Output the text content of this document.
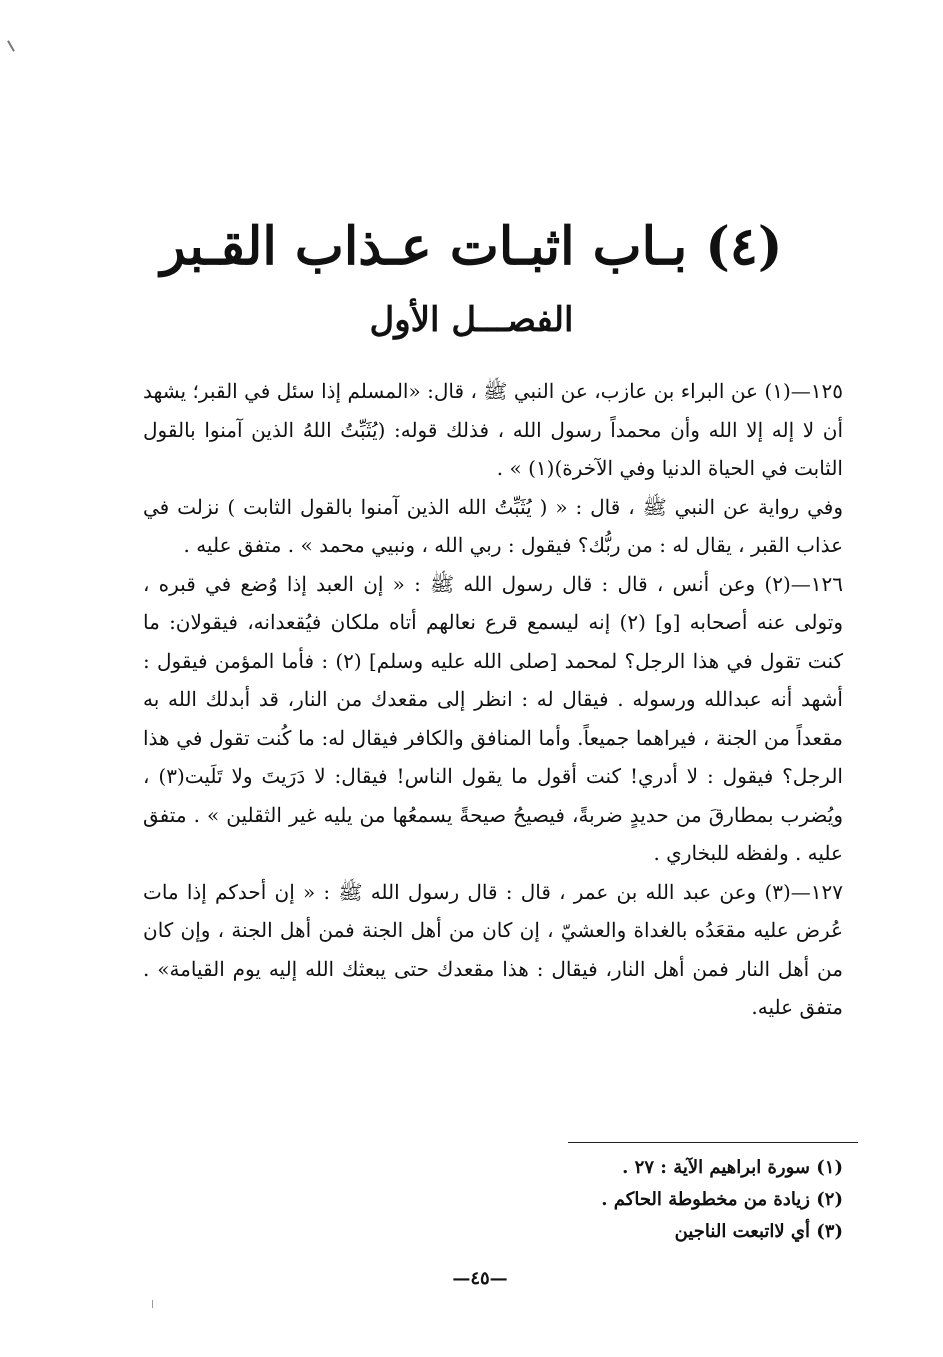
(٤) بـاب اثبـات عـذاب القـبر
الفصـــل الأول

١٢٥—(١) عن البراء بن عازب، عن النبي ﷺ ، قال: «المسلم إذا سئل في القبر؛ يشهد أن لا إله إلا الله وأن محمداً رسول الله ، فذلك قوله: (يُثَبِّتُ اللهُ الذين آمنوا بالقول الثابت في الحياة الدنيا وفي الآخرة)(١) » .

وفي رواية عن النبي ﷺ ، قال : « ( يُثَبِّتُ الله الذين آمنوا بالقول الثابت ) نزلت في عذاب القبر ، يقال له : من ربُّك؟ فيقول : ربي الله ، ونبيي محمد » . متفق عليه .

١٢٦—(٢) وعن أنس ، قال : قال رسول الله ﷺ : « إن العبد إذا وُضع في قبره ، وتولى عنه أصحابه [و] (٢) إنه ليسمع قرع نعالهم أتاه ملكان فيُقعدانه، فيقولان: ما كنت تقول في هذا الرجل؟ لمحمد [صلى الله عليه وسلم] (٢) : فأما المؤمن فيقول : أشهد أنه عبدالله ورسوله . فيقال له : انظر إلى مقعدك من النار، قد أبدلك الله به مقعداً من الجنة ، فيراهما جميعاً. وأما المنافق والكافر فيقال له: ما كُنت تقول في هذا الرجل؟ فيقول : لا أدري! كنت أقول ما يقول الناس! فيقال: لا دَرَيتَ ولا تَلَيت(٣) ، ويُضرب بمطارقَ من حديدٍ ضربةً، فيصيحُ صيحةً يسمعُها من يليه غير الثقلين » . متفق عليه . ولفظه للبخاري .

١٢٧—(٣) وعن عبد الله بن عمر ، قال : قال رسول الله ﷺ : « إن أحدكم إذا مات عُرض عليه مقعَدُه بالغداة والعشيّ ، إن كان من أهل الجنة فمن أهل الجنة ، وإن كان من أهل النار فمن أهل النار، فيقال : هذا مقعدك حتى يبعثك الله إليه يوم القيامة» . متفق عليه.

(١) سورة ابراهيم الآية : ٢٧ .
(٢) زيادة من مخطوطة الحاكم .
(٣) أي لااتبعت الناجين
—٤٥—
